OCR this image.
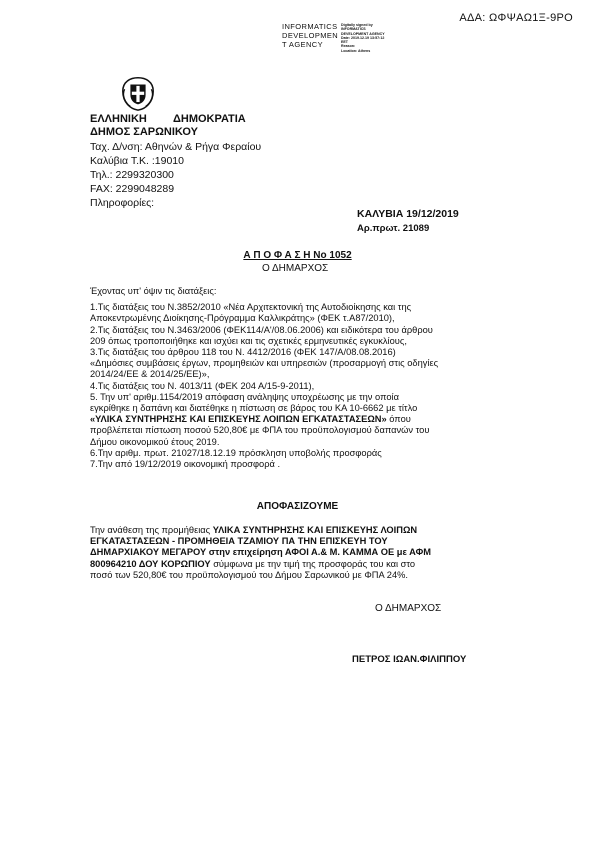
ΑΔΑ: ΩΦΨΑΩ1Ξ-9ΡΟ
INFORMATICS
DEVELOPMEN
T AGENCY
Digitally signed by
INFORMATICS
DEVELOPMENT AGENCY
Date: 2019.12.19 13:57:12
EET
Reason:
Location: Athens
ΕΛΛΗΝΙΚΗ ΔΗΜΟΚΡΑΤΙΑ
ΔΗΜΟΣ ΣΑΡΩΝΙΚΟΥ
Ταχ. Δ/νση: Αθηνών & Ρήγα Φεραίου
Καλύβια Τ.Κ. :19010
Τηλ.: 2299320300
FAX: 2299048289
Πληροφορίες:
ΚΑΛΥΒΙΑ 19/12/2019
Αρ.πρωτ. 21089
Α Π Ο Φ Α Σ Η Νο 1052
Ο ΔΗΜΑΡΧΟΣ
Έχοντας υπ' όψιν τις διατάξεις:
1.Τις διατάξεις του Ν.3852/2010 «Νέα Αρχιτεκτονική της Αυτοδιοίκησης και της
Αποκεντρωμένης Διοίκησης-Πρόγραμμα Καλλικράτης» (ΦΕΚ τ.Α87/2010),
2.Τις διατάξεις του Ν.3463/2006 (ΦΕΚ114/Α'/08.06.2006) και ειδικότερα του άρθρου
209 όπως τροποποιήθηκε και ισχύει και τις σχετικές ερμηνευτικές εγκυκλίους,
3.Τις διατάξεις του άρθρου 118 του Ν. 4412/2016 (ΦΕΚ 147/Α/08.08.2016)
«Δημόσιες συμβάσεις έργων, προμηθειών και υπηρεσιών (προσαρμογή στις οδηγίες
2014/24/ΕΕ & 2014/25/ΕΕ)»,
4.Τις διατάξεις του Ν. 4013/11 (ΦΕΚ 204 Α/15-9-2011),
5. Την υπ' αριθμ.1154/2019 απόφαση ανάληψης υποχρέωσης με την οποία
εγκρίθηκε η δαπάνη και διατέθηκε η πίστωση σε βάρος του ΚΑ 10-6662 με τίτλο
«ΥΛΙΚΑ ΣΥΝΤΗΡΗΣΗΣ ΚΑΙ ΕΠΙΣΚΕΥΗΣ ΛΟΙΠΩΝ ΕΓΚΑΤΑΣΤΑΣΕΩΝ» όπου
προβλέπεται πίστωση ποσού 520,80€ με ΦΠΑ του προϋπολογισμού δαπανών του
Δήμου οικονομικού έτους 2019.
6.Την αριθμ. πρωτ. 21027/18.12.19 πρόσκληση υποβολής προσφοράς
7.Την από 19/12/2019 οικονομική προσφορά .
ΑΠΟΦΑΣΙΖΟΥΜΕ
Την ανάθεση της προμήθειας ΥΛΙΚΑ ΣΥΝΤΗΡΗΣΗΣ ΚΑΙ ΕΠΙΣΚΕΥΗΣ ΛΟΙΠΩΝ
ΕΓΚΑΤΑΣΤΑΣΕΩΝ - ΠΡΟΜΗΘΕΙΑ ΤΖΑΜΙΟΥ ΠΑ ΤΗΝ ΕΠΙΣΚΕΥΗ ΤΟΥ
ΔΗΜΑΡΧΙΑΚΟΥ ΜΕΓΑΡΟΥ στην επιχείρηση ΑΦΟΙ Α.& Μ. ΚΑΜΜΑ ΟΕ με ΑΦΜ
800964210 ΔΟΥ ΚΟΡΩΠΙΟΥ σύμφωνα με την τιμή της προσφοράς του και στο
ποσό των 520,80€ του προϋπολογισμού του Δήμου Σαρωνικού με ΦΠΑ 24%.
Ο ΔΗΜΑΡΧΟΣ
ΠΕΤΡΟΣ ΙΩΑΝ.ΦΙΛΙΠΠΟΥ
